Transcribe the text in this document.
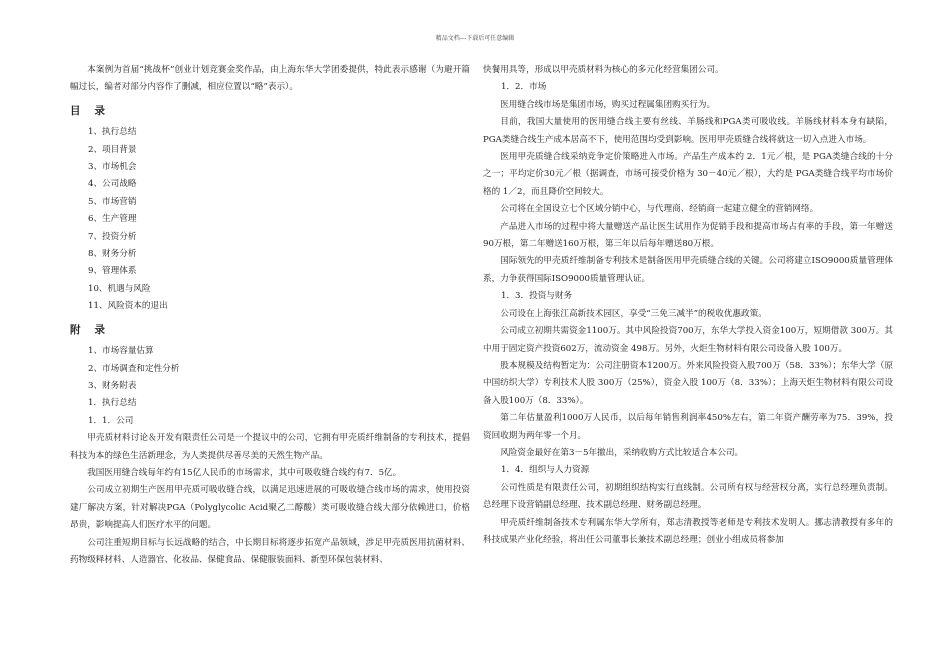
精品文档---下载后可任意编辑

本案例为首届“挑战杯”创业计划竞赛金奖作品，由上海东华大学团委提供，特此表示感谢（为避开篇幅过长，编者对部分内容作了删减，相应位置以“略”表示）。

目 录

1、执行总结

2、项目背景

3、市场机会

4、公司战略

5、市场营销

6、生产管理

7、投资分析

8、财务分析

9、管理体系

10、机遇与风险

11、风险资本的退出

附 录

1、市场容量估算

2、市场调查和定性分析

3、财务附表

1．执行总结

1．1．公司

甲壳质材料讨论＆开发有限责任公司是一个提议中的公司，它拥有甲壳质纤维制备的专利技术，提倡科技为本的绿色生活新理念，为人类提供尽善尽美的天然生物产品。

我国医用缝合线每年约有15亿人民币的市场需求，其中可吸收缝合线约有7．5亿。

公司成立初期生产医用甲壳质可吸收缝合线，以满足迅速进展的可吸收缝合线市场的需求，使用投资建厂解决方案，针对解决PGA（Polyglycolic Acid聚乙二醇酸）类可吸收缝合线大部分依赖进口，价格昂贵，影响提高人们医疗水平的问题。

公司注重短期目标与长远战略的结合，中长期目标将逐步拓宽产品领域，涉足甲壳质医用抗菌材料、药物级释材料、人造器官、化妆品、保健食品、保健服装面料、新型环保包装材料、

快餐用具等，形成以甲壳质材料为核心的多元化经营集团公司。

1．2．市场

医用缝合线市场是集团市场，购买过程属集团购买行为。

目前，我国大量使用的医用缝合线主要有丝线、羊肠线和PGA类可吸收线。羊肠线材料本身有缺陷，PGA类缝合线生产成本居高不下，使用范围均受到影响。医用甲壳质缝合线将就这一切入点进入市场。

医用甲壳质缝合线采纳竞争定价策略进入市场。产品生产成本约 2．1元／根，是 PGA类缝合线的十分之一；平均定价30元／根（据调查，市场可接受价格为 30－40元／根），大约是 PGA类缝合线平均市场价格的 1／2，而且降价空间较大。

公司将在全国设立七个区域分销中心，与代理商、经销商一起建立健全的营销网络。

产品进入市场的过程中将大量赠送产品让医生试用作为促销手段和提高市场占有率的手段，第一年赠送90万根，第二年赠送160万根，第三年以后每年赠送80万根。

国际领先的甲壳质纤维制备专利技术是制备医用甲壳质缝合线的关键。公司将建立ISO9000质量管理体系，力争获得国际ISO9000质量管理认证。

1．3．投资与财务

公司设在上海张江高新技术园区，享受“三免三减半”的税收优惠政策。

公司成立初期共需资金1100万。其中风险投资700万，东华大学投入资金100万，短期借款 300万。其中用于固定资产投资602万，流动资金 498万。另外，火炬生物材料有限公司设备入股 100万。

股本规模及结构暂定为：公司注册资本1200万。外来风险投资入股700万（58．33%）；东华大学（原中国纺织大学）专利技术人股 300万（25%），资金入股 100万（8．33%）；上海天炬生物材料有限公司设备入股100万（8．33%）。

第二年估量盈利1000万人民币，以后每年销售利润率450%左右，第二年资产酬劳率为75．39%，投资回收期为两年零一个月。

风险资金最好在第3－5年撤出，采纳收购方式比较适合本公司。

1．4．组织与人力资源

公司性质是有限责任公司，初期组织结构实行直线制。公司所有权与经营权分离，实行总经理负责制。总经理下设营销副总经理、技术副总经理、财务副总经理。

甲壳质纤维制备技术专利属东华大学所有，郑志清教授等老师是专利技术发明人。挪志清教授有多年的科技成果产业化经验，将出任公司董事长兼技术副总经理；创业小组成员将参加
